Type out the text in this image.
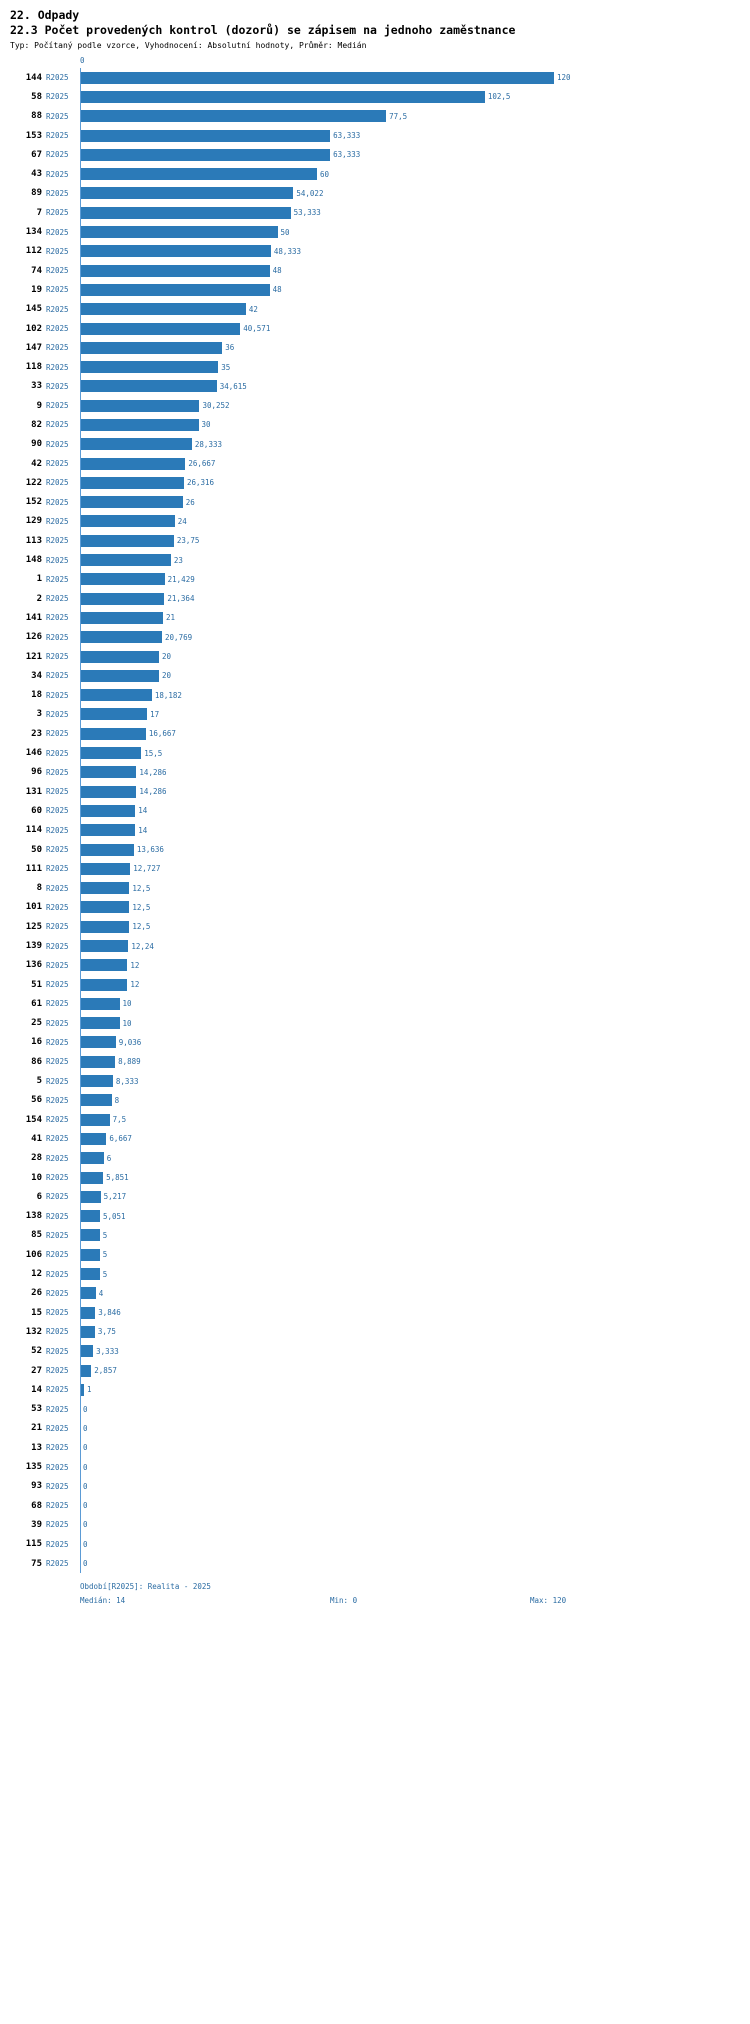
22. Odpady
22.3 Počet provedených kontrol (dozorů) se zápisem na jednoho zaměstnance
Typ: Počítaný podle vzorce, Vyhodnocení: Absolutní hodnoty, Průměr: Medián
0
144 R2025	120
58 R2025	102,5
88 R2025	77,5
153 R2025	63,333
67 R2025	63,333
43 R2025	60
89 R2025	54,022
7 R2025	53,333
134 R2025	50
112 R2025	48,333
74 R2025	48
19 R2025	48
145 R2025	42
102 R2025	40,571
147 R2025	36
118 R2025	35
33 R2025	34,615
9 R2025	30,252
82 R2025	30
90 R2025	28,333
42 R2025	26,667
122 R2025	26,316
152 R2025	26
129 R2025	24
113 R2025	23,75
148 R2025	23
1 R2025	21,429
2 R2025	21,364
141 R2025	21
126 R2025	20,769
121 R2025	20
34 R2025	20
18 R2025	18,182
3 R2025	17
23 R2025	16,667
146 R2025	15,5
96 R2025	14,286
131 R2025	14,286
60 R2025	14
114 R2025	14
50 R2025	13,636
111 R2025	12,727
8 R2025	12,5
101 R2025	12,5
125 R2025	12,5
139 R2025	12,24
136 R2025	12
51 R2025	12
61 R2025	10
25 R2025	10
16 R2025	9,036
86 R2025	8,889
5 R2025	8,333
56 R2025	8
154 R2025	7,5
41 R2025	6,667
28 R2025	6
10 R2025	5,851
6 R2025	5,217
138 R2025	5,051
85 R2025	5
106 R2025	5
12 R2025	5
26 R2025	4
15 R2025	3,846
132 R2025	3,75
52 R2025	3,333
27 R2025	2,857
14 R2025	1
53 R2025	0
21 R2025	0
13 R2025	0
135 R2025	0
93 R2025	0
68 R2025	0
39 R2025	0
115 R2025	0
75 R2025	0
Období[R2025]: Realita - 2025
Medián: 14	Min: 0	Max: 120
